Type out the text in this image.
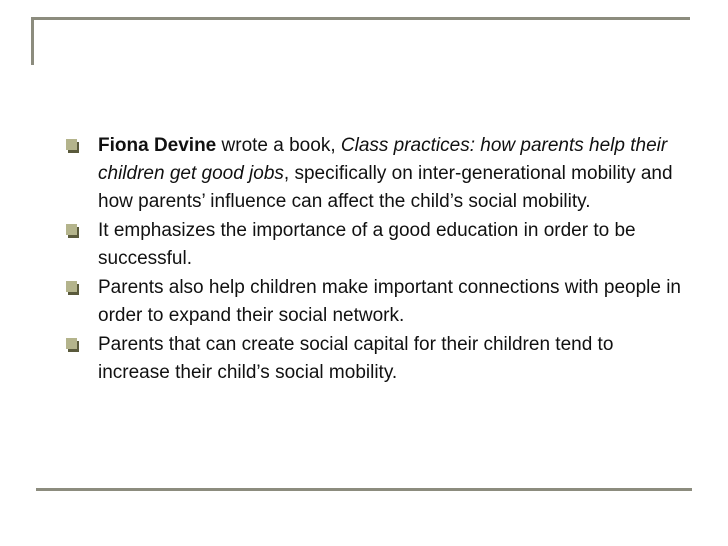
Fiona Devine wrote a book, Class practices: how parents help their children get good jobs, specifically on inter-generational mobility and how parents’ influence can affect the child’s social mobility.
It emphasizes the importance of a good education in order to be successful.
Parents also help children make important connections with people in order to expand their social network.
Parents that can create social capital for their children tend to increase their child’s social mobility.
